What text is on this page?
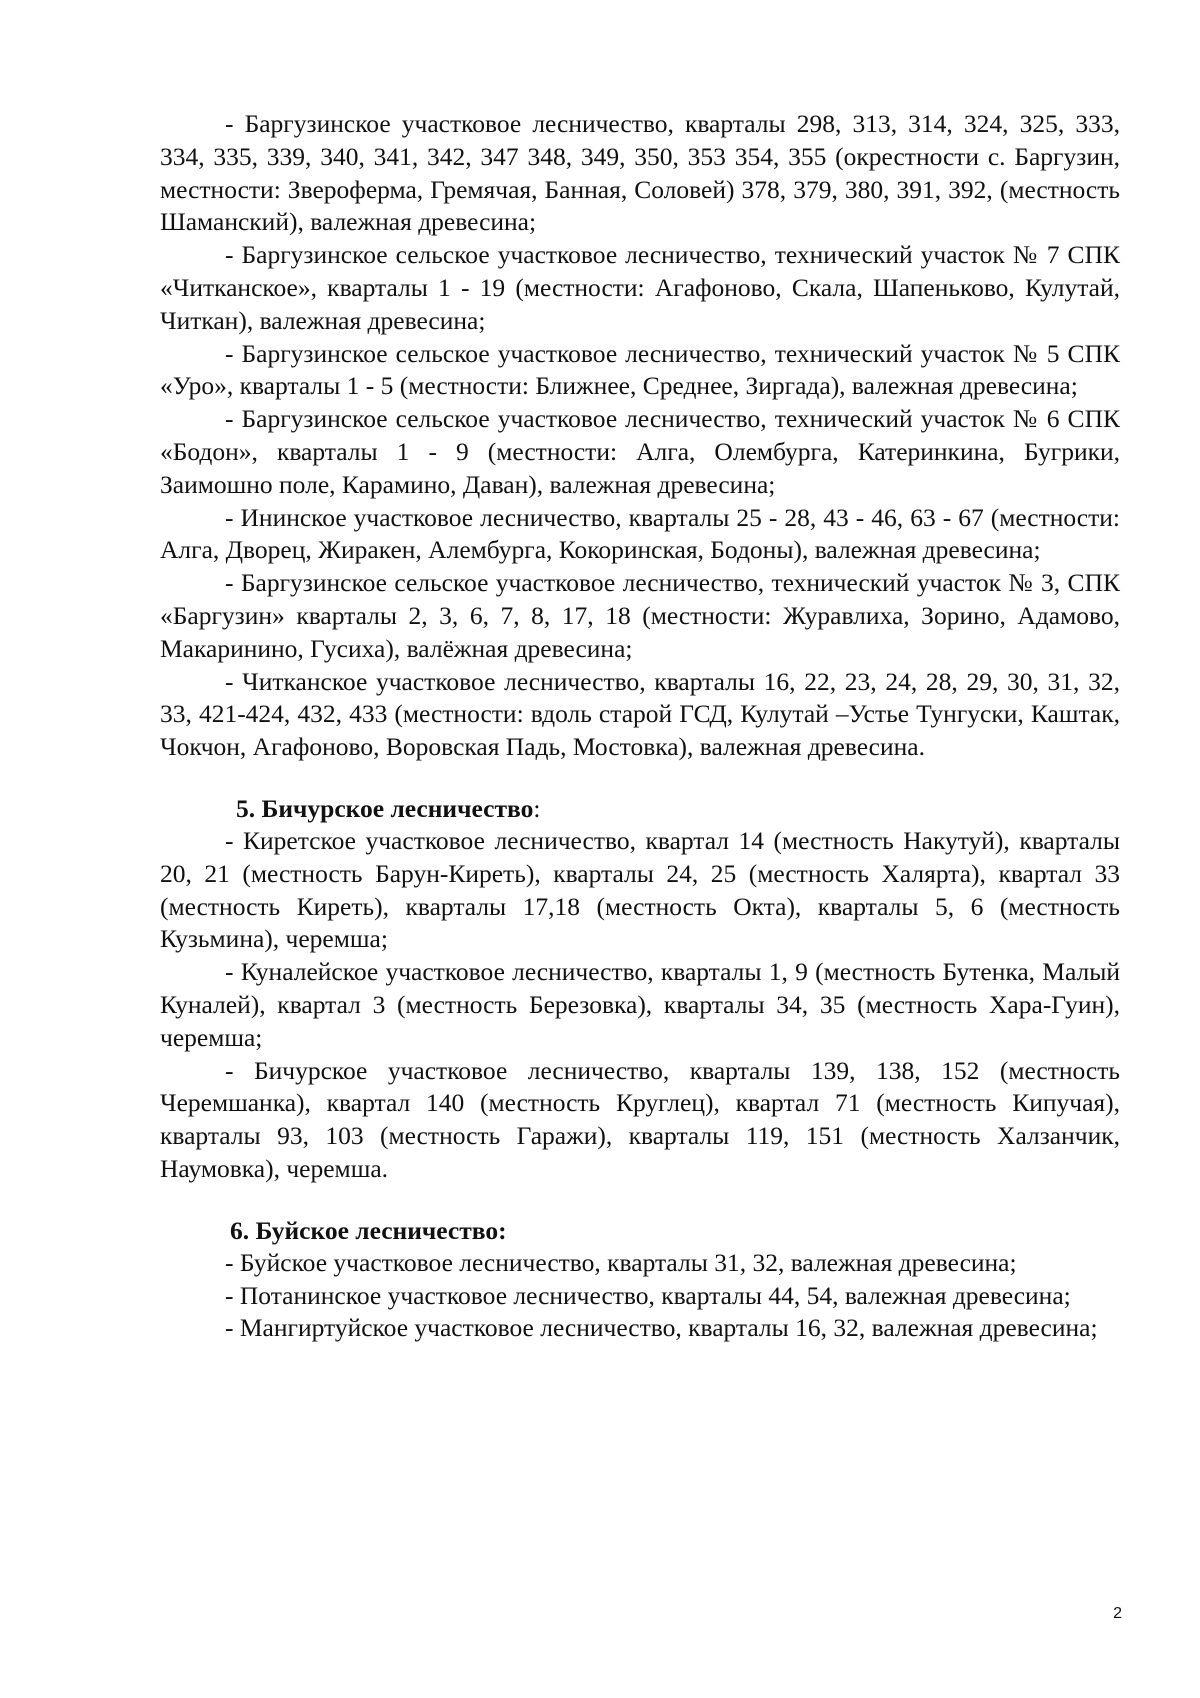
- Баргузинское участковое лесничество, кварталы 298, 313, 314, 324, 325, 333, 334, 335, 339, 340, 341, 342, 347 348, 349, 350, 353 354, 355 (окрестности с. Баргузин, местности: Звероферма, Гремячая, Банная, Соловей) 378, 379, 380, 391, 392, (местность Шаманский), валежная древесина;

- Баргузинское сельское участковое лесничество, технический участок № 7 СПК «Читканское», кварталы 1 - 19 (местности: Агафоново, Скала, Шапеньково, Кулутай, Читкан), валежная древесина;

- Баргузинское сельское участковое лесничество, технический участок № 5 СПК «Уро», кварталы 1 - 5 (местности: Ближнее, Среднее, Зиргада), валежная древесина;

- Баргузинское сельское участковое лесничество, технический участок № 6 СПК «Бодон», кварталы 1 - 9 (местности: Алга, Олембурга, Катеринкина, Бугрики, Заимошно поле, Карамино, Даван), валежная древесина;

- Ининское участковое лесничество, кварталы 25 - 28, 43 - 46, 63 - 67 (местности: Алга, Дворец, Жиракен, Алембурга, Кокоринская, Бодоны), валежная древесина;

- Баргузинское сельское участковое лесничество, технический участок № 3, СПК «Баргузин» кварталы 2, 3, 6, 7, 8, 17, 18 (местности: Журавлиха, Зорино, Адамово, Макаринино, Гусиха), валёжная древесина;

- Читканское участковое лесничество, кварталы 16, 22, 23, 24, 28, 29, 30, 31, 32, 33, 421-424, 432, 433 (местности: вдоль старой ГСД, Кулутай –Устье Тунгуски, Каштак, Чокчон, Агафоново, Воровская Падь, Мостовка), валежная древесина.

5. Бичурское лесничество:

- Киретское участковое лесничество, квартал 14 (местность Накутуй), кварталы 20, 21 (местность Барун-Киреть), кварталы 24, 25 (местность Халярта), квартал 33 (местность Киреть), кварталы 17,18 (местность Окта), кварталы 5, 6 (местность Кузьмина), черемша;

- Куналейское участковое лесничество, кварталы 1, 9 (местность Бутенка, Малый Куналей), квартал 3 (местность Березовка), кварталы 34, 35 (местность Хара-Гуин), черемша;

- Бичурское участковое лесничество, кварталы 139, 138, 152 (местность Черемшанка), квартал 140 (местность Круглец), квартал 71 (местность Кипучая), кварталы 93, 103 (местность Гаражи), кварталы 119, 151 (местность Халзанчик, Наумовка), черемша.

6. Буйское лесничество:

- Буйское участковое лесничество, кварталы 31, 32, валежная древесина;

- Потанинское участковое лесничество, кварталы 44, 54, валежная древесина;

- Мангиртуйское участковое лесничество, кварталы 16, 32, валежная древесина;

2
